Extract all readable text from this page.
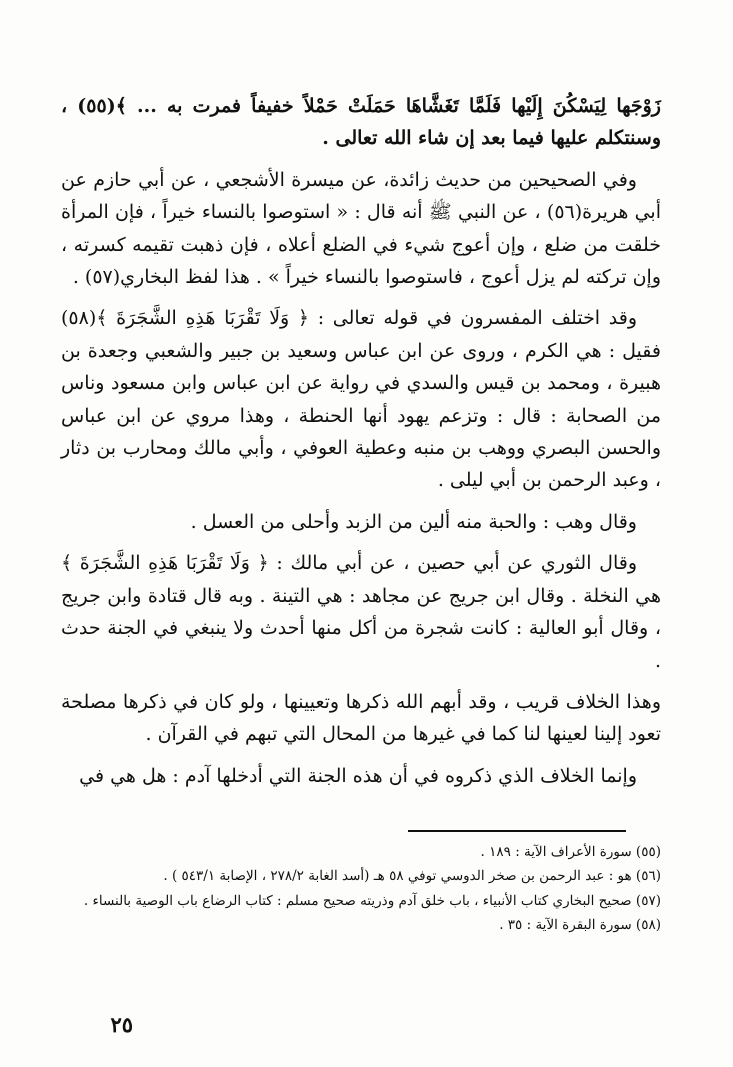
زَوْجَها لِيَسْكُنَ إِلَيْها فَلَمَّا تَغَشَّاهَا حَمَلَتْ حَمْلاً خفيفاً فمرت به ... ﴾(٥٥) ، وسنتكلم عليها فيما بعد إن شاء الله تعالى .

وفي الصحيحين من حديث زائدة، عن ميسرة الأشجعي ، عن أبي حازم عن أبي هريرة(٥٦) ، عن النبي ﷺ أنه قال : « استوصوا بالنساء خيراً ، فإن المرأة خلقت من ضلع ، وإن أعوج شيء في الضلع أعلاه ، فإن ذهبت تقيمه كسرته ، وإن تركته لم يزل أعوج ، فاستوصوا بالنساء خيراً » . هذا لفظ البخاري(٥٧) .

وقد اختلف المفسرون في قوله تعالى : ﴿ وَلَا تَقْرَبَا هَذِهِ الشَّجَرَةَ ﴾(٥٨) فقيل : هي الكرم ، وروى عن ابن عباس وسعيد بن جبير والشعبي وجعدة بن هبيرة ، ومحمد بن قيس والسدي في رواية عن ابن عباس وابن مسعود وناس من الصحابة : قال : وتزعم يهود أنها الحنطة ، وهذا مروي عن ابن عباس والحسن البصري ووهب بن منبه وعطية العوفي ، وأبي مالك ومحارب بن دثار ، وعبد الرحمن بن أبي ليلى .

وقال وهب : والحبة منه ألين من الزبد وأحلى من العسل .

وقال الثوري عن أبي حصين ، عن أبي مالك : ﴿ وَلَا تَقْرَبَا هَذِهِ الشَّجَرَةَ ﴾ هي النخلة . وقال ابن جريج عن مجاهد : هي التينة . وبه قال قتادة وابن جريج ، وقال أبو العالية : كانت شجرة من أكل منها أحدث ولا ينبغي في الجنة حدث .

وهذا الخلاف قريب ، وقد أبهم الله ذكرها وتعيينها ، ولو كان في ذكرها مصلحة تعود إلينا لعينها لنا كما في غيرها من المحال التي تبهم في القرآن .

وإنما الخلاف الذي ذكروه في أن هذه الجنة التي أدخلها آدم : هل هي في

(٥٥) سورة الأعراف الآية : ١٨٩ .

(٥٦) هو : عبد الرحمن بن صخر الدوسي توفي ٥٨ هـ (أسد الغابة ٢٧٨/٢ ، الإصابة ٥٤٣/١ ) .

(٥٧) صحيح البخاري كتاب الأنبياء ، باب خلق آدم وذريته صحيح مسلم : كتاب الرضاع باب الوصية بالنساء .

(٥٨) سورة البقرة الآية : ٣٥ .

٢٥
